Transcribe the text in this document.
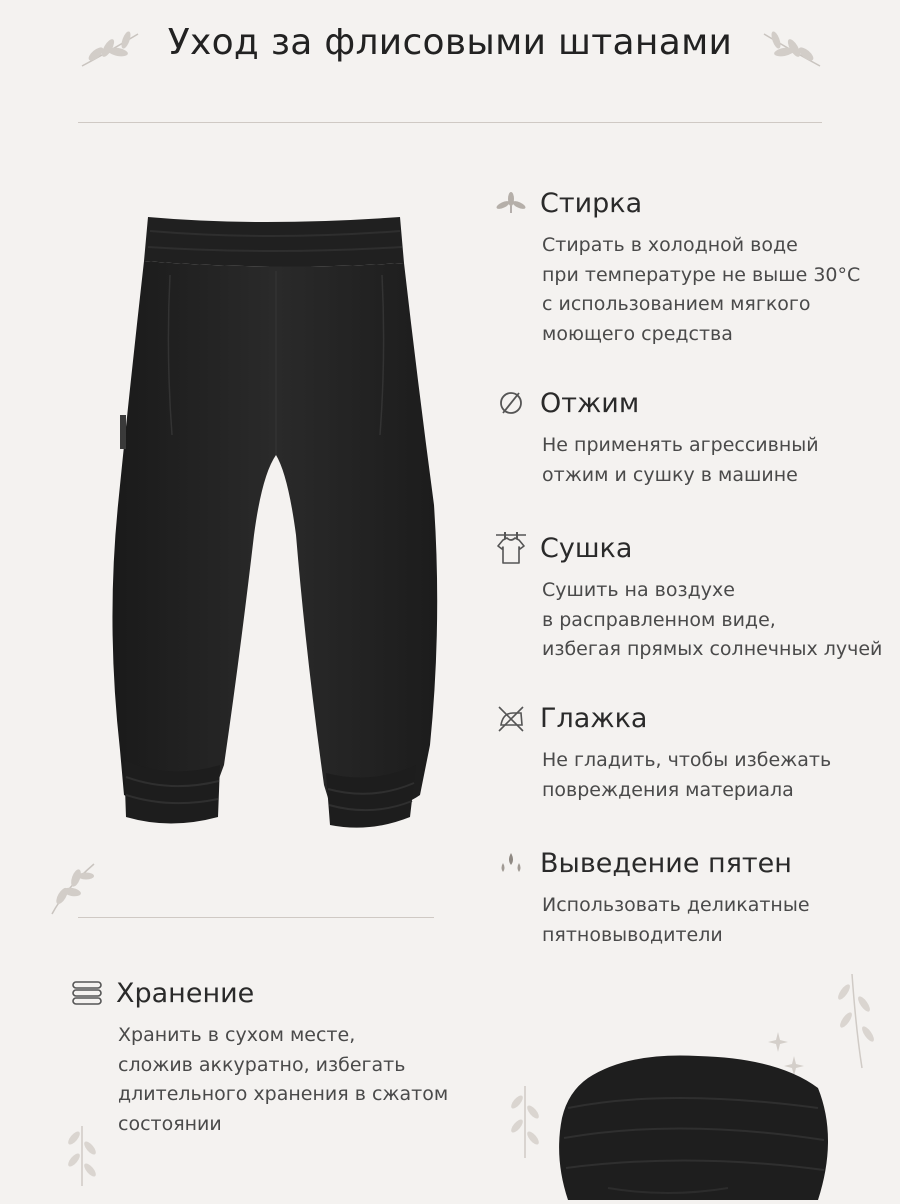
Уход за флисовыми штанами
Стирка
Стирать в холодной воде
при температуре не выше 30°С
с использованием мягкого
моющего средства
Отжим
Не применять агрессивный
отжим и сушку в машине
Сушка
Сушить на воздухе
в расправленном виде,
избегая прямых солнечных лучей
Глажка
Не гладить, чтобы избежать
повреждения материала
Выведение пятен
Использовать деликатные
пятновыводители
Хранение
Хранить в сухом месте,
сложив аккуратно, избегать
длительного хранения в сжатом
состоянии
